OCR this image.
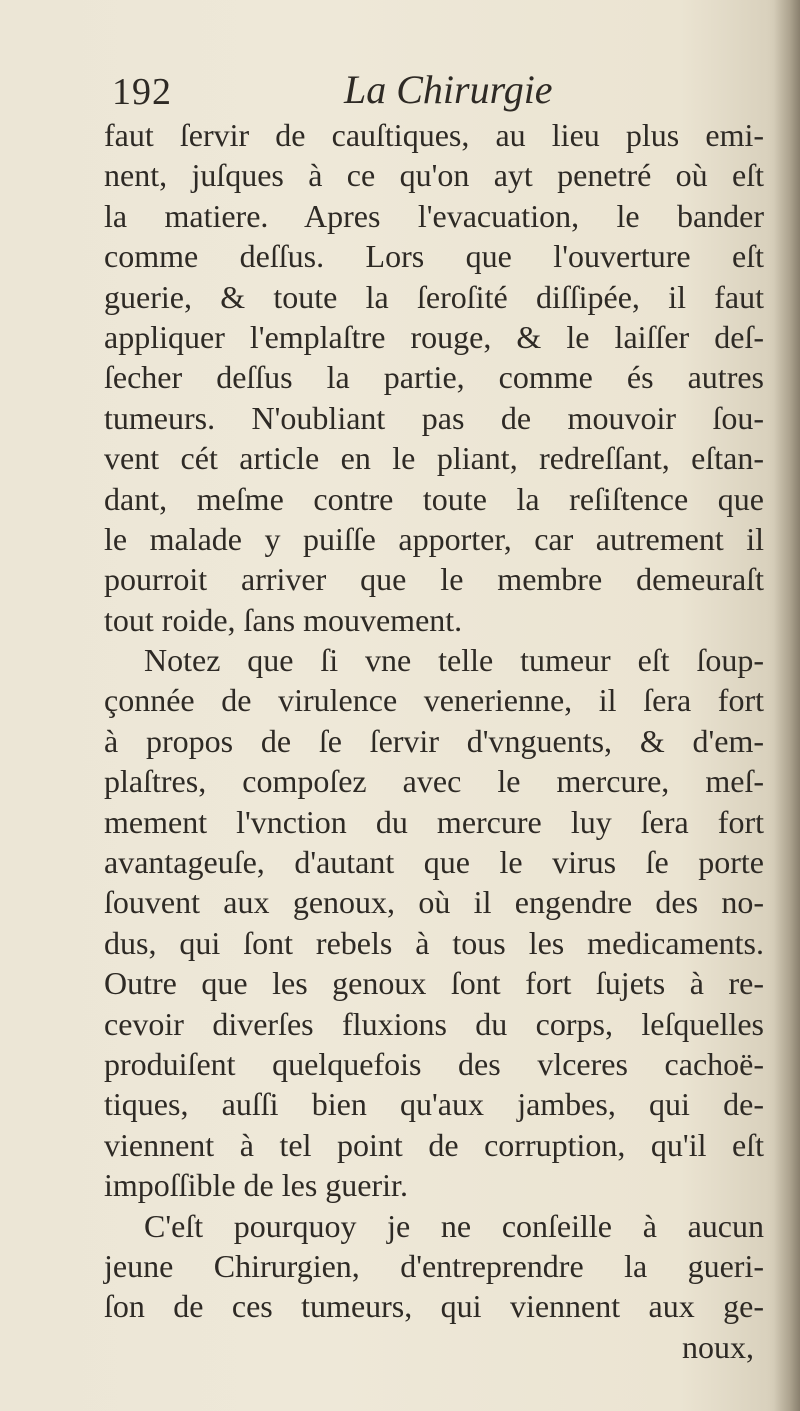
192	La Chirurgie
faut ſervir de cauſtiques, au lieu plus emi-
nent, juſques à ce qu'on ayt penetré où eſt
la matiere. Apres l'evacuation, le bander
comme deſſus. Lors que l'ouverture eſt
guerie, & toute la ſeroſité diſſipée, il faut
appliquer l'emplaſtre rouge, & le laiſſer deſ-
ſecher deſſus la partie, comme és autres
tumeurs. N'oubliant pas de mouvoir ſou-
vent cét article en le pliant, redreſſant, eſtan-
dant, meſme contre toute la reſiſtence que
le malade y puiſſe apporter, car autrement il
pourroit arriver que le membre demeuraſt
tout roide, ſans mouvement.
Notez que ſi vne telle tumeur eſt ſoup-
çonnée de virulence venerienne, il ſera fort
à propos de ſe ſervir d'vnguents, & d'em-
plaſtres, compoſez avec le mercure, meſ-
mement l'vnction du mercure luy ſera fort
avantageuſe, d'autant que le virus ſe porte
ſouvent aux genoux, où il engendre des no-
dus, qui ſont rebels à tous les medicaments.
Outre que les genoux ſont fort ſujets à re-
cevoir diverſes fluxions du corps, leſquelles
produiſent quelquefois des vlceres cachoë-
tiques, auſſi bien qu'aux jambes, qui de-
viennent à tel point de corruption, qu'il eſt
impoſſible de les guerir.
C'eſt pourquoy je ne conſeille à aucun
jeune Chirurgien, d'entreprendre la gueri-
ſon de ces tumeurs, qui viennent aux ge-
noux,
